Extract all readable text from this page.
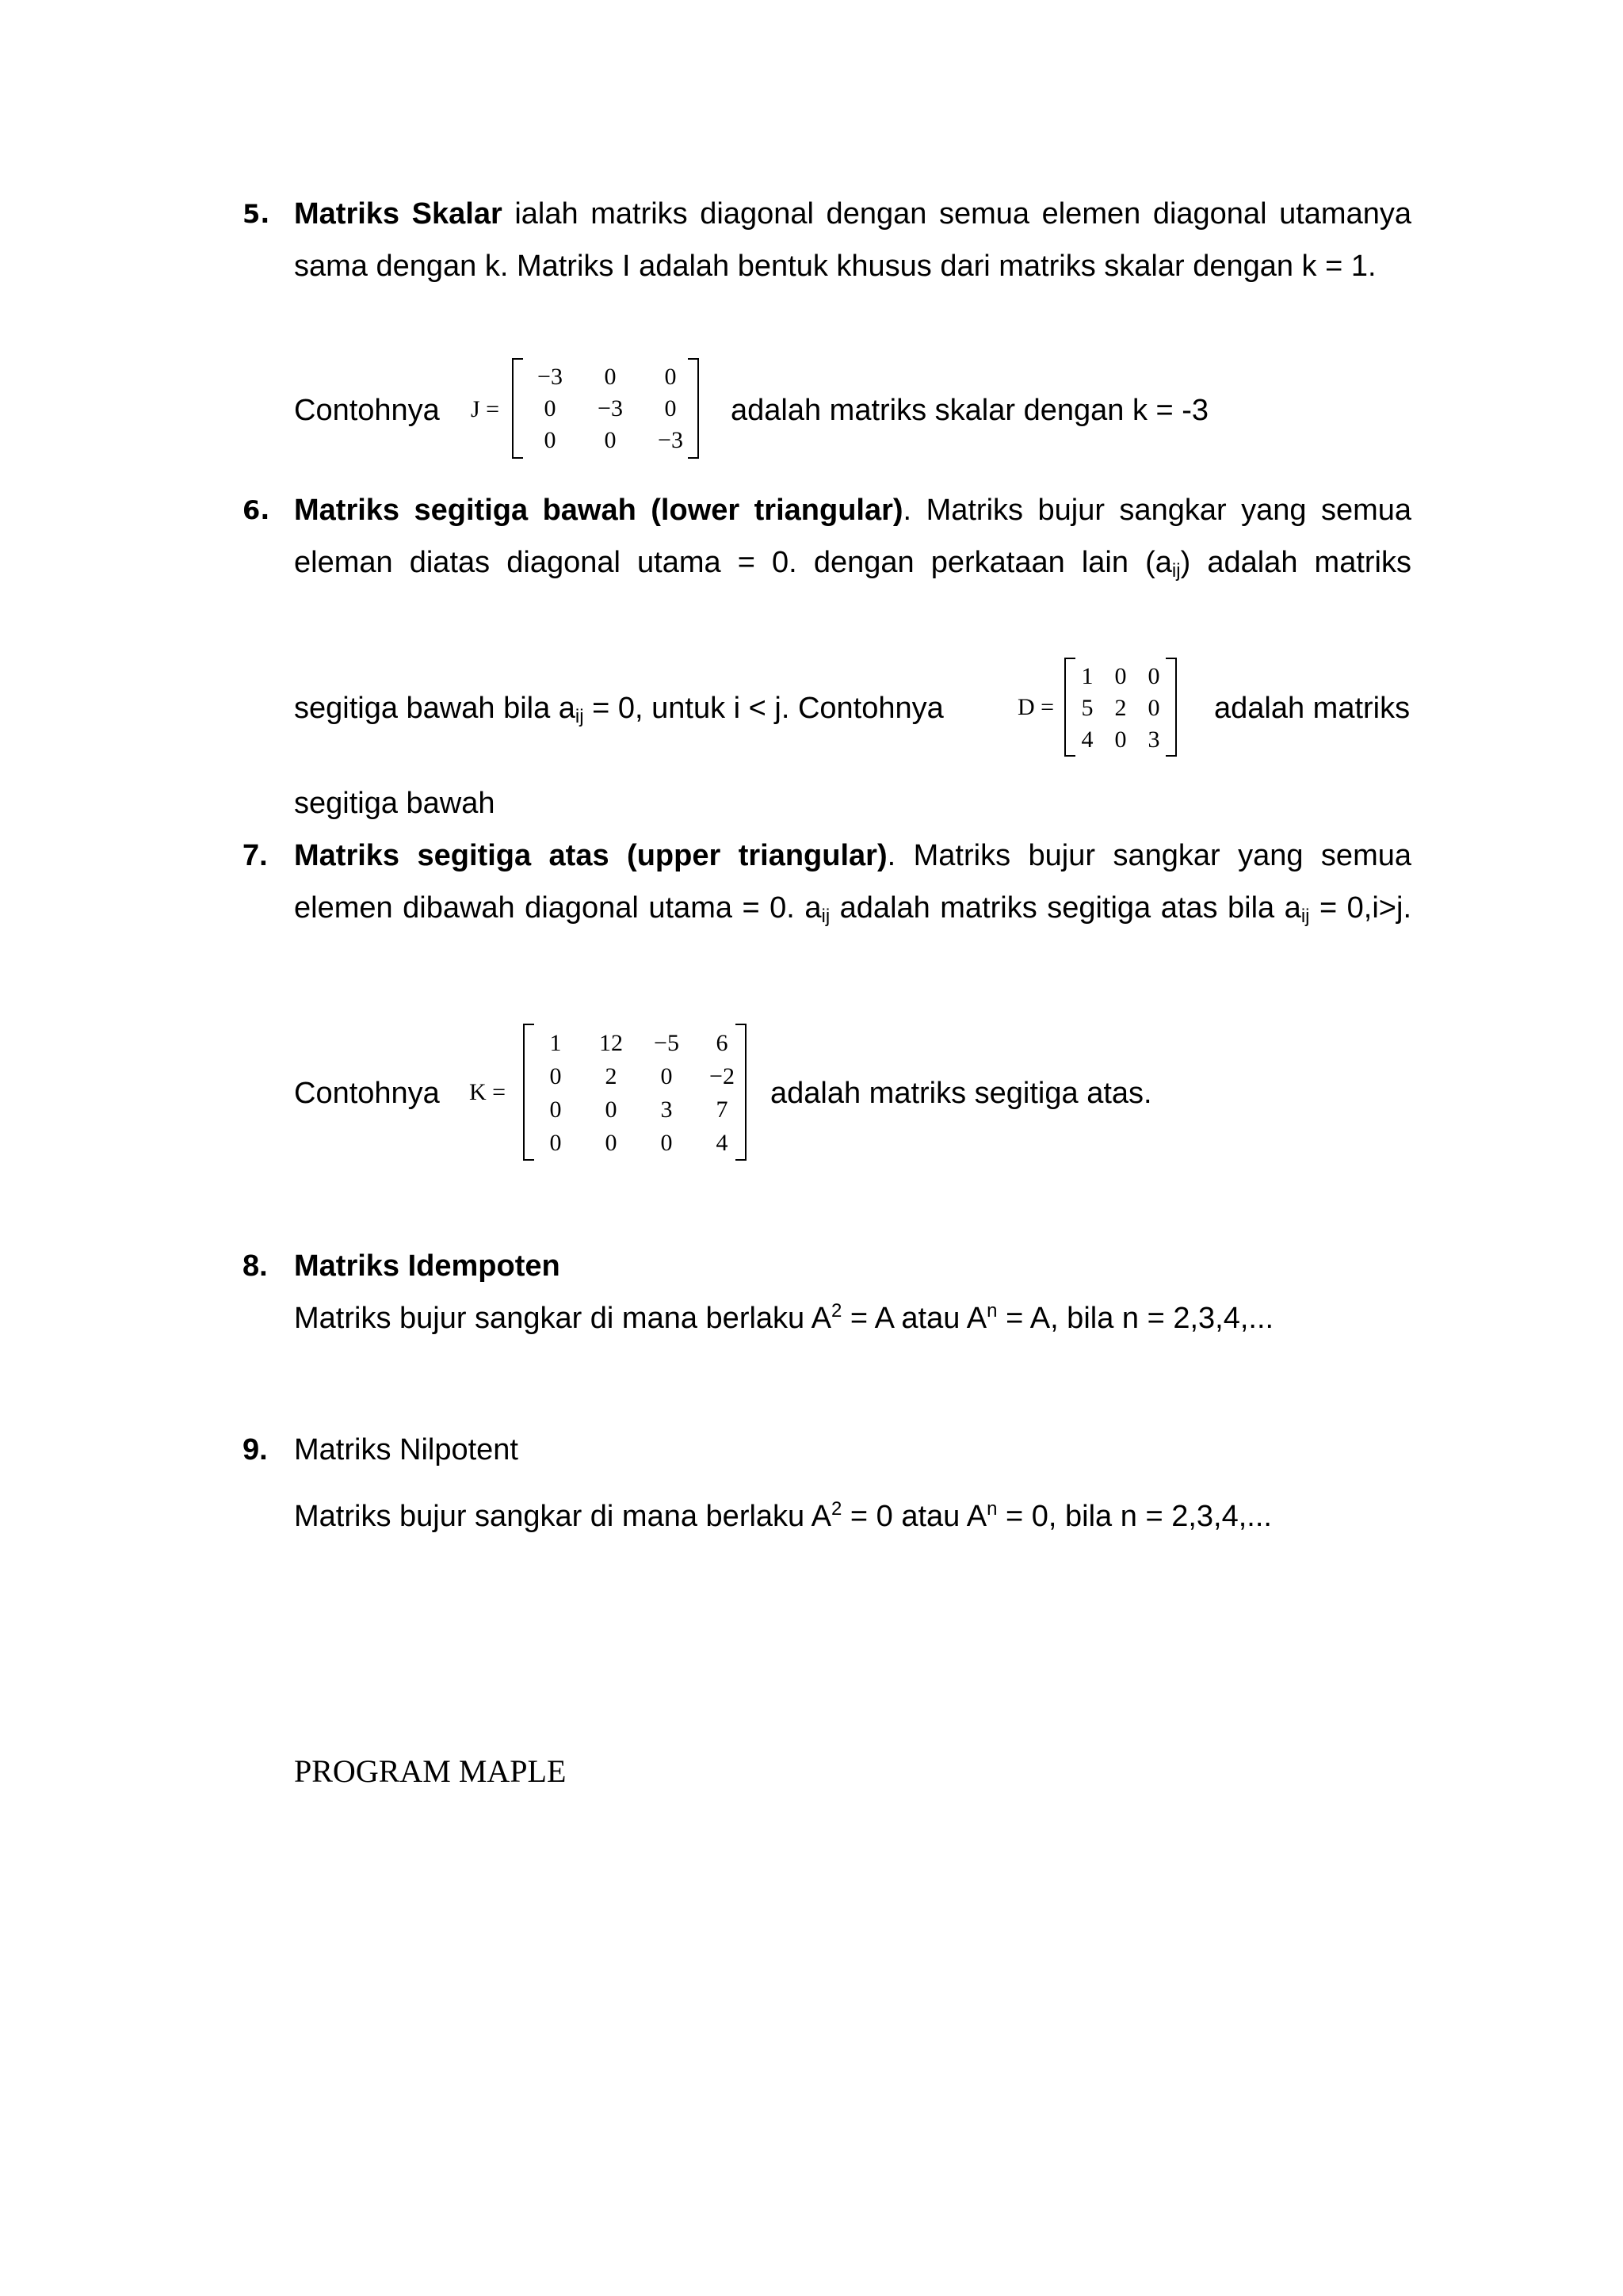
5. Matriks Skalar ialah matriks diagonal dengan semua elemen diagonal utamanya
sama dengan k. Matriks I adalah bentuk khusus dari matriks skalar dengan k = 1.
Contohnya J =
−3	0	0
0	−3	0
0	0	−3
adalah matriks skalar dengan k = -3
6. Matriks segitiga bawah (lower triangular). Matriks bujur sangkar yang semua
eleman diatas diagonal utama = 0. dengan perkataan lain $(a_{ij})$ adalah matriks
segitiga bawah bila $a_{ij} = 0$, untuk i < j. Contohnya	D =
1 0 0
5 2 0
4 0 3
adalah matriks
segitiga bawah
7. Matriks segitiga atas (upper triangular). Matriks bujur sangkar yang semua
elemen dibawah diagonal utama = 0. $a_{ij}$ adalah matriks segitiga atas bila $a_{ij} = 0,i>j$.
Contohnya K =
1	12	−5	6
0	2	0	−2
0	0	3	7
0	0	0	4
adalah matriks segitiga atas.
8. Matriks Idempoten
Matriks bujur sangkar di mana berlaku $A^2 = A$ atau $A^n = A$, bila n = 2,3,4,...
9. Matriks Nilpotent
Matriks bujur sangkar di mana berlaku $A^2 = 0$ atau $A^n = 0$, bila n = 2,3,4,...
PROGRAM MAPLE
